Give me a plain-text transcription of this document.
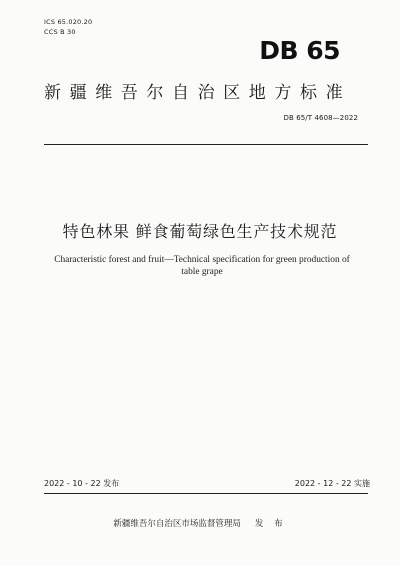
ICS 65.020.20
CCS B 30
DB 65
新疆维吾尔自治区地方标准
DB 65/T 4608—2022
特色林果 鲜食葡萄绿色生产技术规范
Characteristic forest and fruit—Technical specification for green production of table grape
2022 - 10 - 22 发布	2022 - 12 - 22 实施
新疆维吾尔自治区市场监督管理局 发 布
